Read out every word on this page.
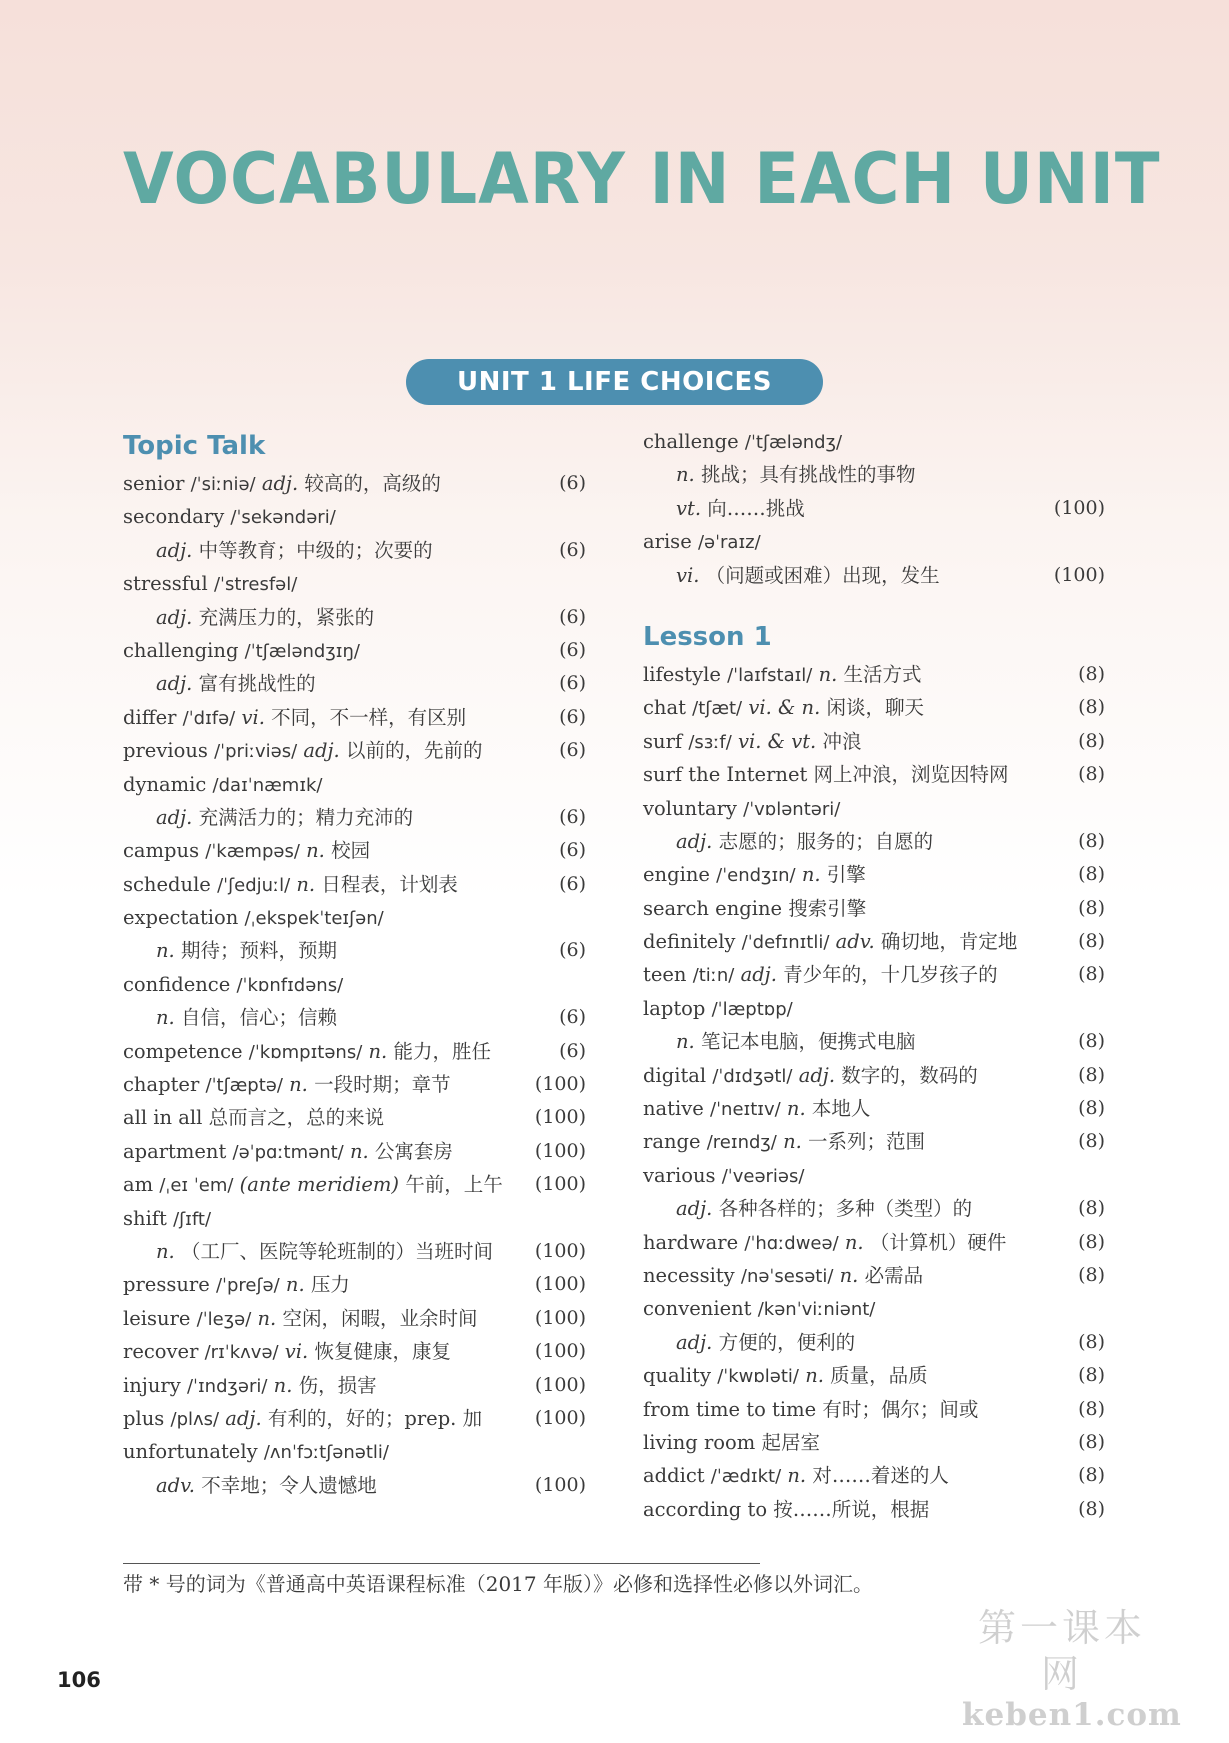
VOCABULARY IN EACH UNIT
UNIT 1 LIFE CHOICES
Topic Talk
senior /ˈsiːniə/ adj. 较高的，高级的	(6)
secondary /ˈsekəndəri/
adj. 中等教育；中级的；次要的	(6)
stressful /ˈstresfəl/
adj. 充满压力的，紧张的	(6)
challenging /ˈtʃæləndʒɪŋ/	(6)
adj. 富有挑战性的	(6)
differ /ˈdɪfə/ vi. 不同，不一样，有区别	(6)
previous /ˈpriːviəs/ adj. 以前的，先前的	(6)
dynamic /daɪˈnæmɪk/
adj. 充满活力的；精力充沛的	(6)
campus /ˈkæmpəs/ n. 校园	(6)
schedule /ˈʃedjuːl/ n. 日程表，计划表	(6)
expectation /ˌekspekˈteɪʃən/
n. 期待；预料，预期	(6)
confidence /ˈkɒnfɪdəns/
n. 自信，信心；信赖	(6)
competence /ˈkɒmpɪtəns/ n. 能力，胜任	(6)
chapter /ˈtʃæptə/ n. 一段时期；章节	(100)
all in all 总而言之，总的来说	(100)
apartment /əˈpɑːtmənt/ n. 公寓套房	(100)
am /ˌeɪ ˈem/ (ante meridiem) 午前，上午 (100)
shift /ʃɪft/
n. （工厂、医院等轮班制的）当班时间 (100)
pressure /ˈpreʃə/ n. 压力	(100)
leisure /ˈleʒə/ n. 空闲，闲暇，业余时间	(100)
recover /rɪˈkʌvə/ vi. 恢复健康，康复	(100)
injury /ˈɪndʒəri/ n. 伤，损害	(100)
plus /plʌs/ adj. 有利的，好的；prep. 加	(100)
unfortunately /ʌnˈfɔːtʃənətli/
adv. 不幸地；令人遗憾地	(100)
challenge /ˈtʃæləndʒ/
n. 挑战；具有挑战性的事物
vt. 向……挑战	(100)
arise /əˈraɪz/
vi. （问题或困难）出现，发生	(100)
Lesson 1
lifestyle /ˈlaɪfstaɪl/ n. 生活方式	(8)
chat /tʃæt/ vi. & n. 闲谈，聊天	(8)
surf /sɜːf/ vi. & vt. 冲浪	(8)
surf the Internet 网上冲浪，浏览因特网	(8)
voluntary /ˈvɒləntəri/
adj. 志愿的；服务的；自愿的	(8)
engine /ˈendʒɪn/ n. 引擎	(8)
search engine 搜索引擎	(8)
definitely /ˈdefɪnɪtli/ adv. 确切地，肯定地	(8)
teen /tiːn/ adj. 青少年的，十几岁孩子的	(8)
laptop /ˈlæptɒp/
n. 笔记本电脑，便携式电脑	(8)
digital /ˈdɪdʒətl/ adj. 数字的，数码的	(8)
native /ˈneɪtɪv/ n. 本地人	(8)
range /reɪndʒ/ n. 一系列；范围	(8)
various /ˈveəriəs/
adj. 各种各样的；多种（类型）的	(8)
hardware /ˈhɑːdweə/ n. （计算机）硬件	(8)
necessity /nəˈsesəti/ n. 必需品	(8)
convenient /kənˈviːniənt/
adj. 方便的，便利的	(8)
quality /ˈkwɒləti/ n. 质量，品质	(8)
from time to time 有时；偶尔；间或	(8)
living room 起居室	(8)
addict /ˈædɪkt/ n. 对……着迷的人	(8)
according to 按……所说，根据	(8)
带 * 号的词为《普通高中英语课程标准（2017 年版）》必修和选择性必修以外词汇。
106
第一课本网
keben1.com
